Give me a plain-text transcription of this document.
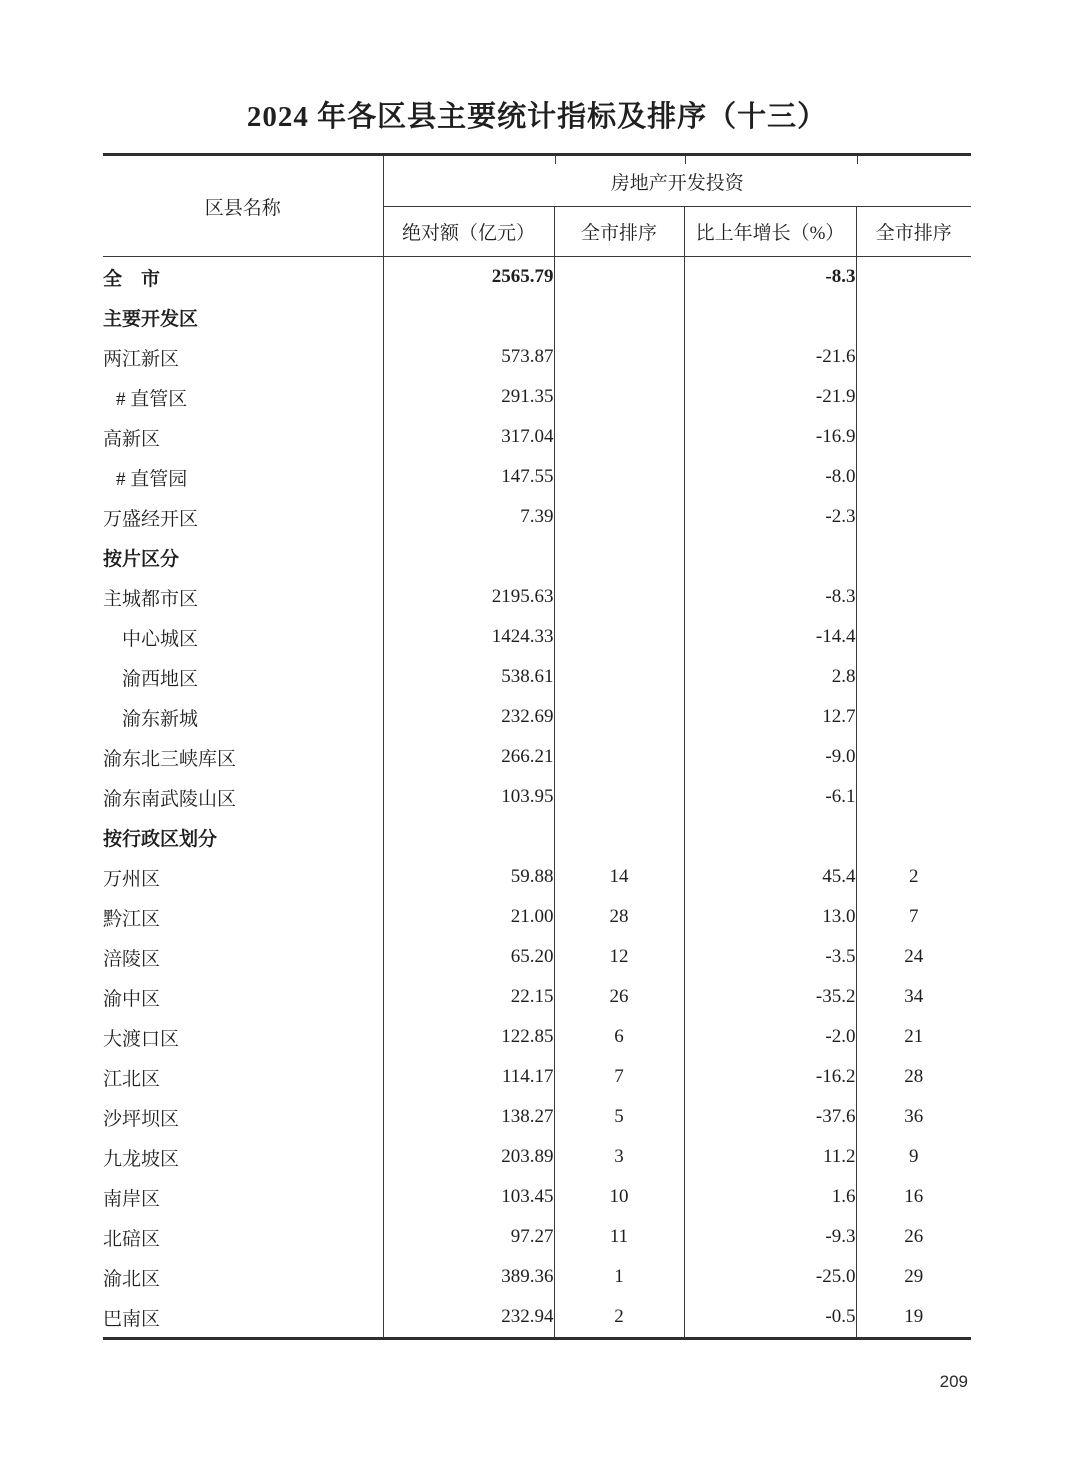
2024 年各区县主要统计指标及排序（十三）
区县名称	房地产开发投资			

	绝对额（亿元）	全市排序	比上年增长（%）	全市排序
全　市	2565.79		-8.3	
主要开发区				
两江新区	573.87		-21.6	
# 直管区	291.35		-21.9	
高新区	317.04		-16.9	
# 直管园	147.55		-8.0	
万盛经开区	7.39		-2.3	
按片区分				
主城都市区	2195.63		-8.3	
中心城区	1424.33		-14.4	
渝西地区	538.61		2.8	
渝东新城	232.69		12.7	
渝东北三峡库区	266.21		-9.0	
渝东南武陵山区	103.95		-6.1	
按行政区划分				
万州区	59.88	14	45.4	2
黔江区	21.00	28	13.0	7
涪陵区	65.20	12	-3.5	24
渝中区	22.15	26	-35.2	34
大渡口区	122.85	6	-2.0	21
江北区	114.17	7	-16.2	28
沙坪坝区	138.27	5	-37.6	36
九龙坡区	203.89	3	11.2	9
南岸区	103.45	10	1.6	16
北碚区	97.27	11	-9.3	26
渝北区	389.36	1	-25.0	29
巴南区	232.94	2	-0.5	19
209
